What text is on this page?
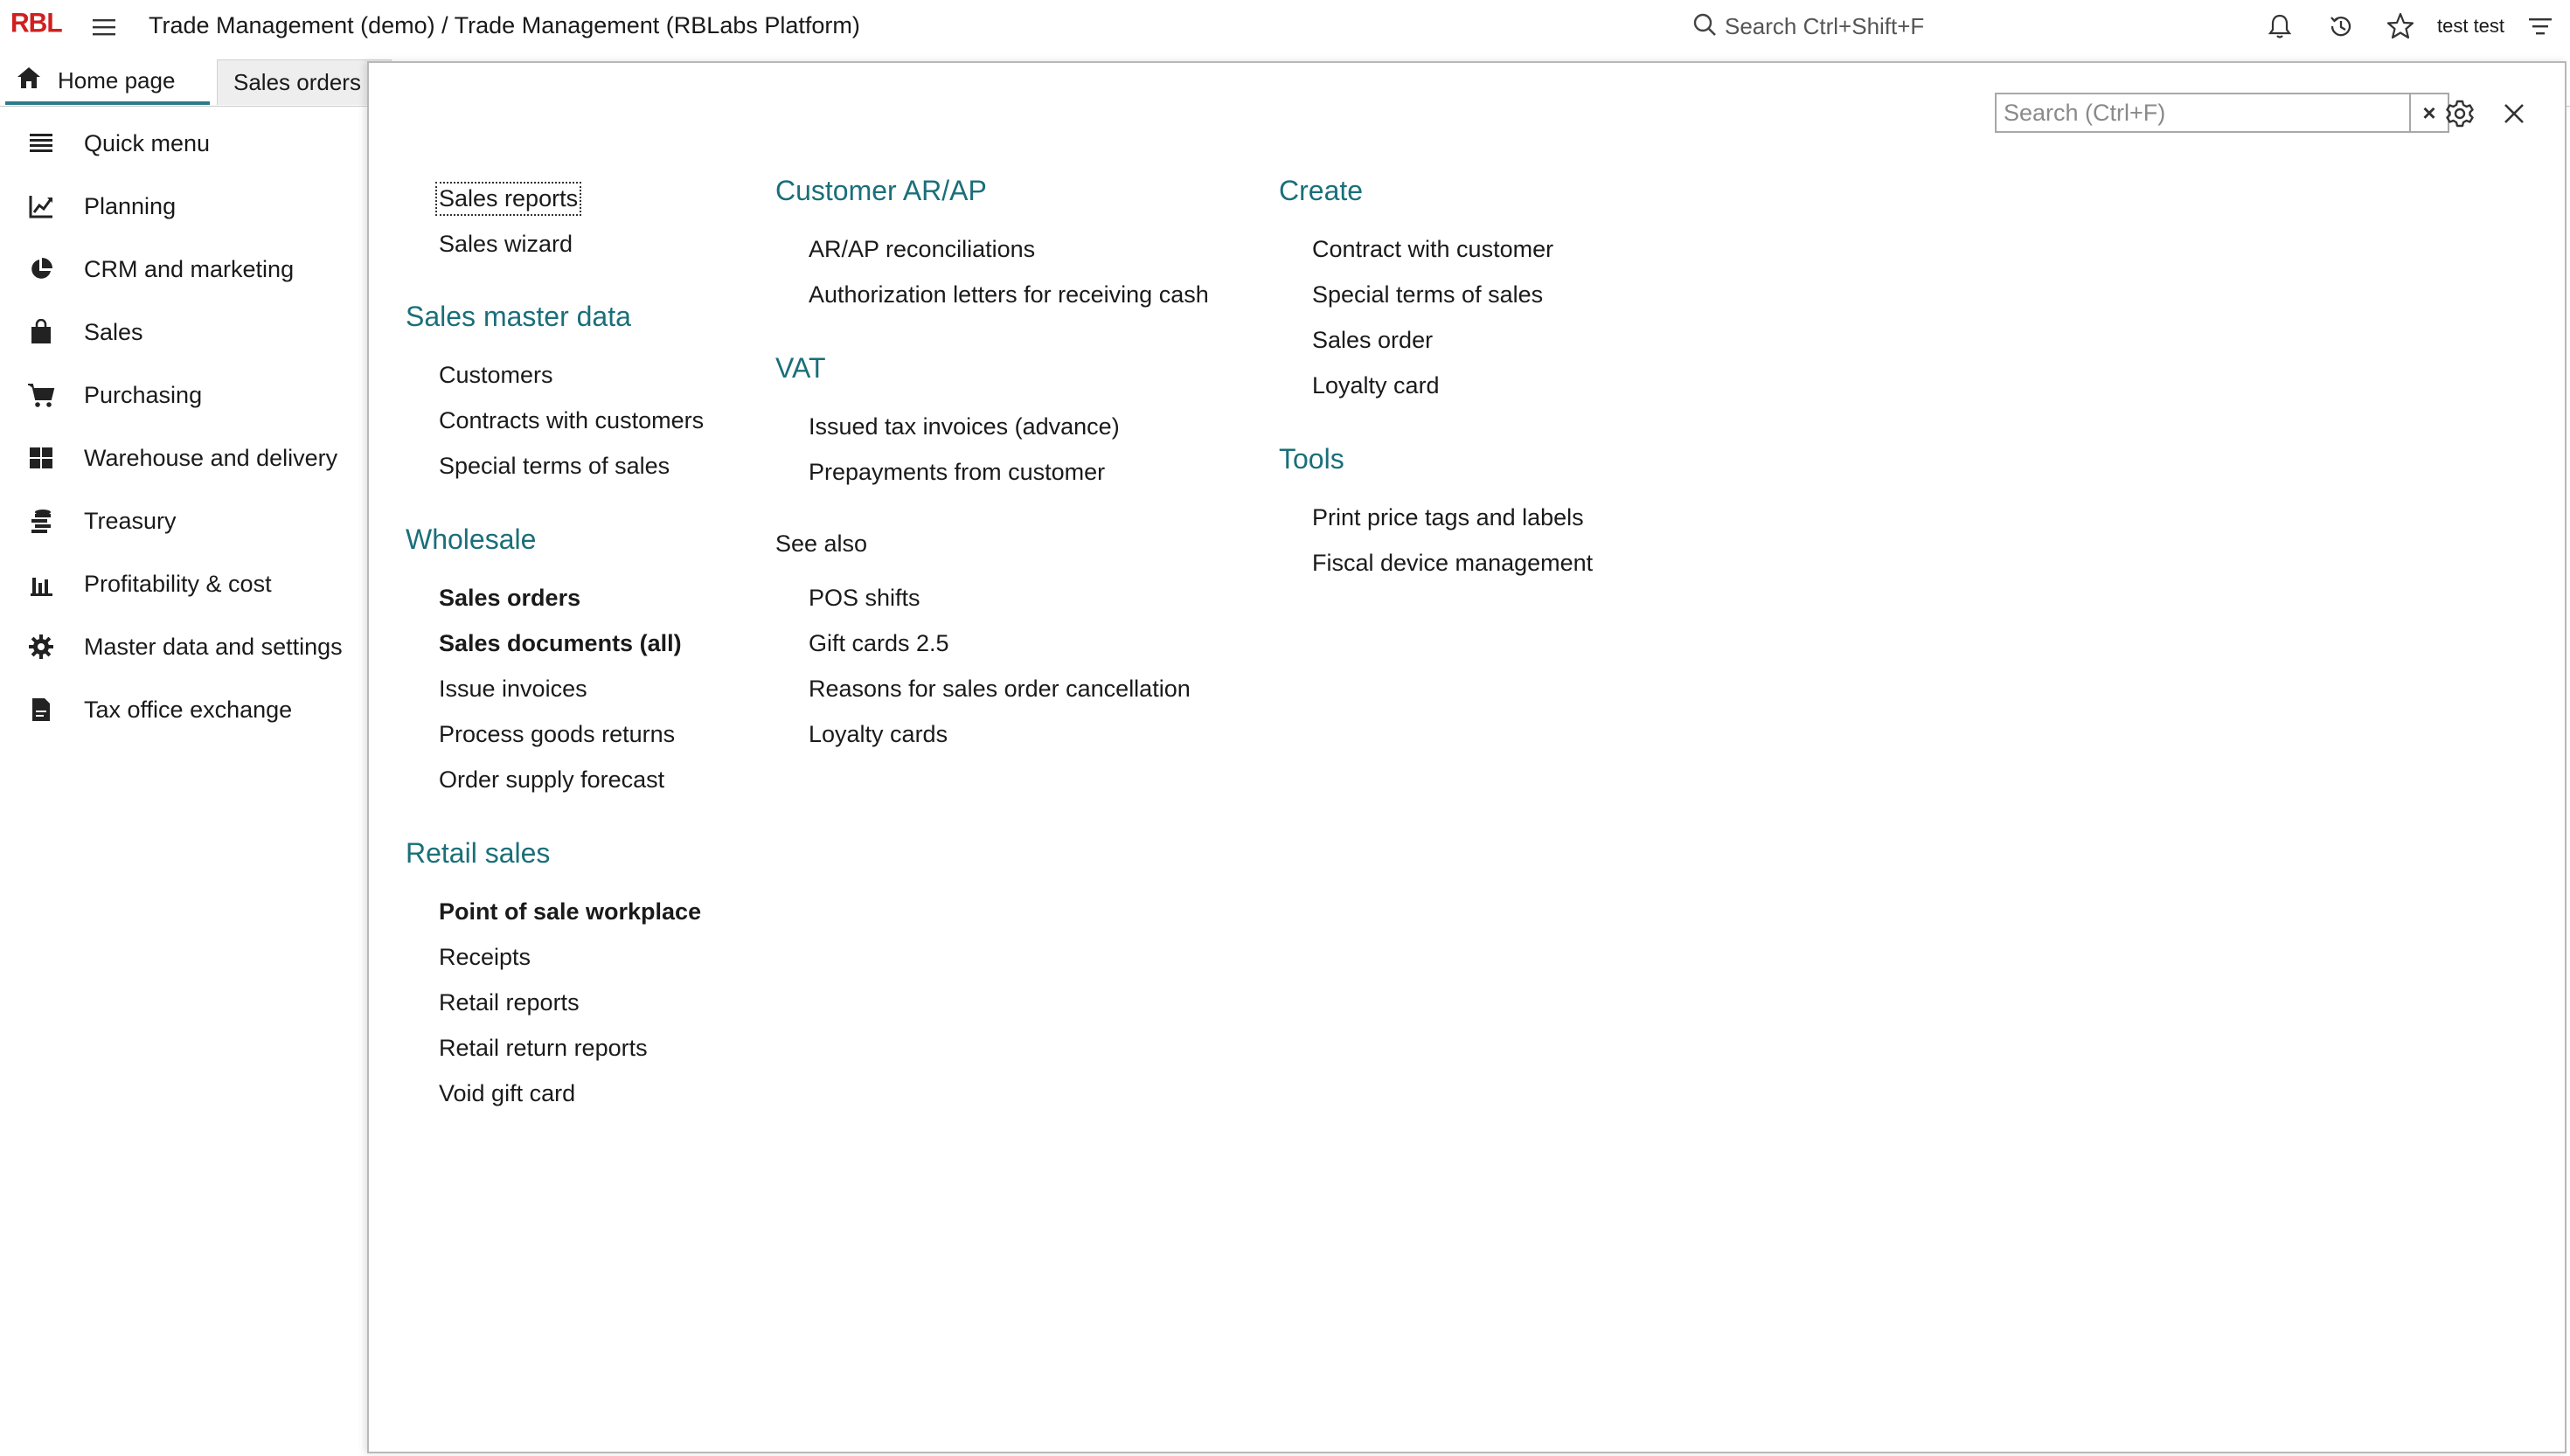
RBL	Trade Management (demo) / Trade Management (RBLabs Platform)	Search Ctrl+Shift+F	test test
Home page	Sales orders
Quick menu
Planning
CRM and marketing
Sales
Purchasing
Warehouse and delivery
Treasury
Profitability & cost
Master data and settings
Tax office exchange
Search (Ctrl+F)
×
Sales reports
Sales wizard
Sales master data
Customers
Contracts with customers
Special terms of sales
Wholesale
Sales orders
Sales documents (all)
Issue invoices
Process goods returns
Order supply forecast
Retail sales
Point of sale workplace
Receipts
Retail reports
Retail return reports
Void gift card
Customer AR/AP
AR/AP reconciliations
Authorization letters for receiving cash
VAT
Issued tax invoices (advance)
Prepayments from customer
See also
POS shifts
Gift cards 2.5
Reasons for sales order cancellation
Loyalty cards
Create
Contract with customer
Special terms of sales
Sales order
Loyalty card
Tools
Print price tags and labels
Fiscal device management
